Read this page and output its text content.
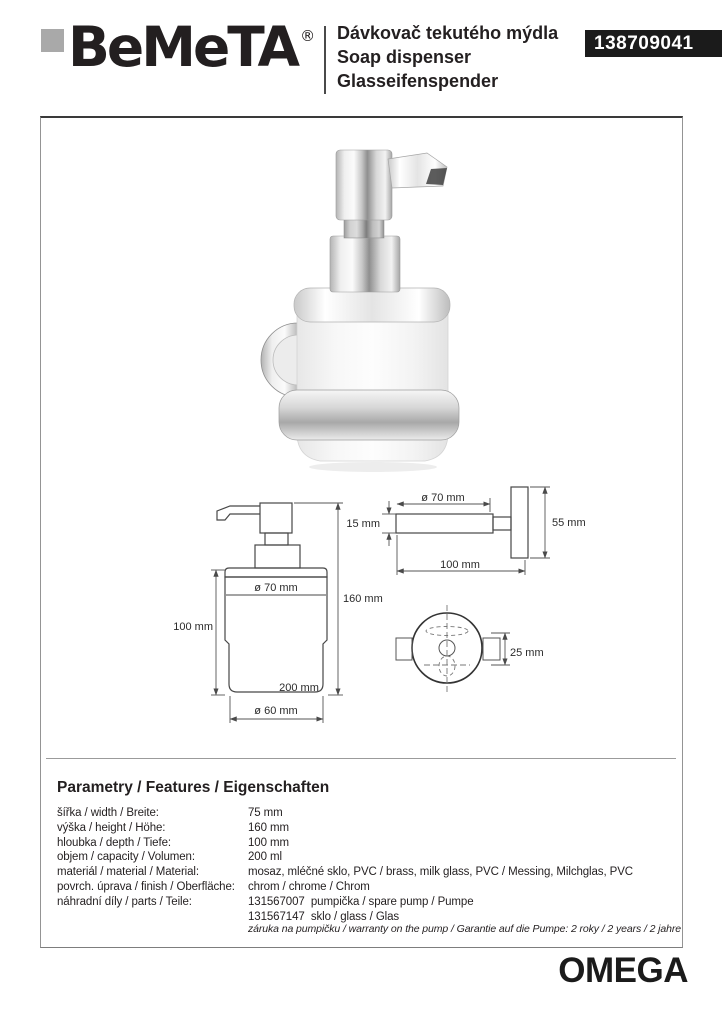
BeMeTA ® Dávkovač tekutého mýdla
Soap dispenser
Glasseifenspender
138709041
ø 70 mm
160 mm
100 mm
200 mm
ø 60 mm
ø 70 mm
15 mm	55 mm
100 mm
25 mm
Parametry / Features / Eigenschaften
šířka / width / Breite:	75 mm
výška / height / Höhe:	160 mm
hloubka / depth / Tiefe:	100 mm
objem / capacity / Volumen:	200 ml
materiál / material / Material:	mosaz, mléčné sklo, PVC / brass, milk glass, PVC / Messing, Milchglas, PVC
povrch. úprava / finish / Oberfläche:	chrom / chrome / Chrom
náhradní díly / parts / Teile:	131567007  pumpička / spare pump / Pumpe
131567147  sklo / glass / Glas
záruka na pumpičku / warranty on the pump / Garantie auf die Pumpe: 2 roky / 2 years / 2 jahre
OMEGA
